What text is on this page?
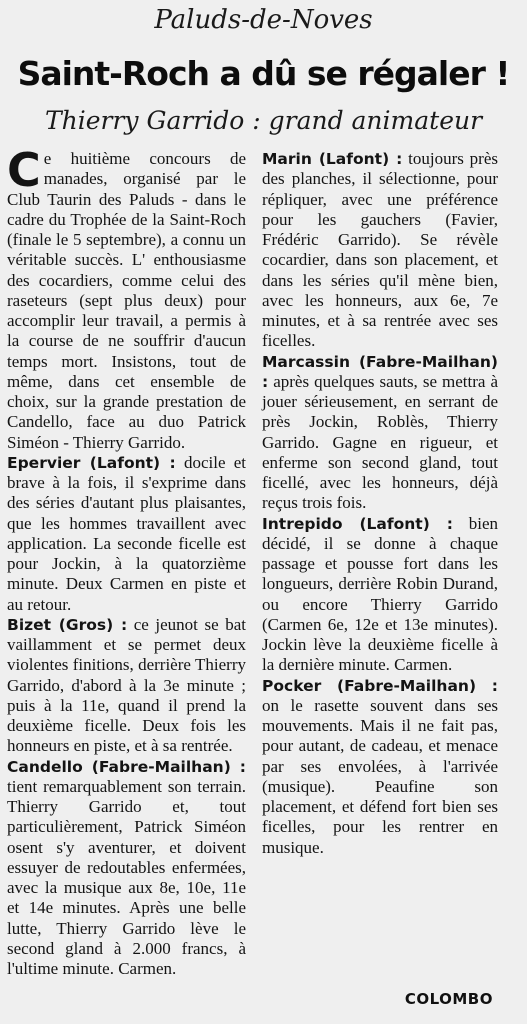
Paluds-de-Noves
Saint-Roch a dû se régaler !
Thierry Garrido : grand animateur

Ce huitième concours de manades, organisé par le Club Taurin des Paluds - dans le cadre du Trophée de la Saint-Roch (finale le 5 septembre), a connu un véritable succès. L' enthousiasme des cocardiers, comme celui des raseteurs (sept plus deux) pour accomplir leur travail, a permis à la course de ne souffrir d'aucun temps mort. Insistons, tout de même, dans cet ensemble de choix, sur la grande prestation de Candello, face au duo Patrick Siméon - Thierry Garrido.

Epervier (Lafont) : docile et brave à la fois, il s'exprime dans des séries d'autant plus plaisantes, que les hommes travaillent avec application. La seconde ficelle est pour Jockin, à la quatorzième minute. Deux Carmen en piste et au retour.

Bizet (Gros) : ce jeunot se bat vaillamment et se permet deux violentes finitions, derrière Thierry Garrido, d'abord à la 3e minute ; puis à la 11e, quand il prend la deuxième ficelle. Deux fois les honneurs en piste, et à sa rentrée.

Candello (Fabre-Mailhan) : tient remarquablement son terrain. Thierry Garrido et, tout particulièrement, Patrick Siméon osent s'y aventurer, et doivent essuyer de redoutables enfermées, avec la musique aux 8e, 10e, 11e et 14e minutes. Après une belle lutte, Thierry Garrido lève le second gland à 2.000 francs, à l'ultime minute. Carmen.

Marin (Lafont) : toujours près des planches, il sélectionne, pour répliquer, avec une préférence pour les gauchers (Favier, Frédéric Garrido). Se révèle cocardier, dans son placement, et dans les séries qu'il mène bien, avec les honneurs, aux 6e, 7e minutes, et à sa rentrée avec ses ficelles.

Marcassin (Fabre-Mailhan) : après quelques sauts, se mettra à jouer sérieusement, en serrant de près Jockin, Roblès, Thierry Garrido. Gagne en rigueur, et enferme son second gland, tout ficellé, avec les honneurs, déjà reçus trois fois.

Intrepido (Lafont) : bien décidé, il se donne à chaque passage et pousse fort dans les longueurs, derrière Robin Durand, ou encore Thierry Garrido (Carmen 6e, 12e et 13e minutes). Jockin lève la deuxième ficelle à la dernière minute. Carmen.

Pocker (Fabre-Mailhan) : on le rasette souvent dans ses mouvements. Mais il ne fait pas, pour autant, de cadeau, et menace par ses envolées, à l'arrivée (musique). Peaufine son placement, et défend fort bien ses ficelles, pour les rentrer en musique.

COLOMBO
